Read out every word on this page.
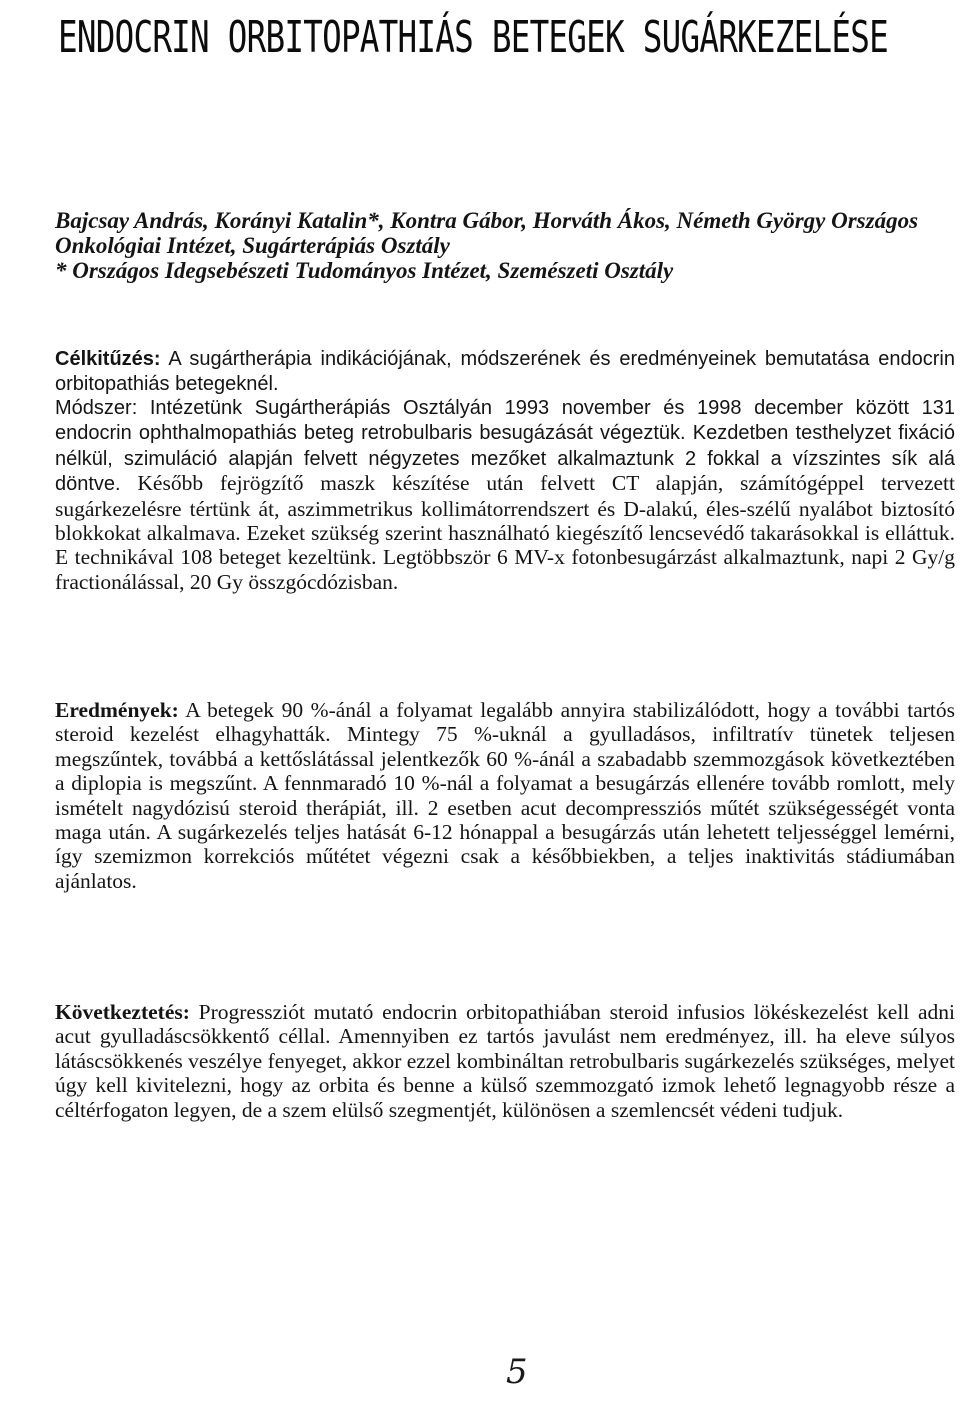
ENDOCRIN ORBITOPATHIÁS BETEGEK SUGÁRKEZELÉSE

Bajcsay András, Korányi Katalin*, Kontra Gábor, Horváth Ákos, Németh György Országos Onkológiai Intézet, Sugárterápiás Osztály

* Országos Idegsebészeti Tudományos Intézet, Szemészeti Osztály

Célkitűzés: A sugártherápia indikációjának, módszerének és eredményeinek bemutatása endocrin orbitopathiás betegeknél.

Módszer: Intézetünk Sugártherápiás Osztályán 1993 november és 1998 december között 131 endocrin ophthalmopathiás beteg retrobulbaris besugázását végeztük. Kezdetben testhelyzet fixáció nélkül, szimuláció alapján felvett négyzetes mezőket alkalmaztunk 2 fokkal a vízszintes sík alá döntve. Később fejrögzítő maszk készítése után felvett CT alapján, számítógéppel tervezett sugárkezelésre tértünk át, aszimmetrikus kollimátorrendszert és D-alakú, éles-szélű nyalábot biztosító blokkokat alkalmava. Ezeket szükség szerint használható kiegészítő lencsevédő takarásokkal is elláttuk. E technikával 108 beteget kezeltünk. Legtöbbször 6 MV-x fotonbesugárzást alkalmaztunk, napi 2 Gy/g fractionálással, 20 Gy összgócdózisban.

Eredmények: A betegek 90 %-ánál a folyamat legalább annyira stabilizálódott, hogy a további tartós steroid kezelést elhagyhatták. Mintegy 75 %-uknál a gyulladásos, infiltratív tünetek teljesen megszűntek, továbbá a kettőslátással jelentkezők 60 %-ánál a szabadabb szemmozgások következtében a diplopia is megszűnt. A fennmaradó 10 %-nál a folyamat a besugárzás ellenére tovább romlott, mely ismételt nagydózisú steroid therápiát, ill. 2 esetben acut decompressziós műtét szükségességét vonta maga után. A sugárkezelés teljes hatását 6-12 hónappal a besugárzás után lehetett teljességgel lemérni, így szemizmon korrekciós műtétet végezni csak a későbbiekben, a teljes inaktivitás stádiumában ajánlatos.

Következtetés: Progressziót mutató endocrin orbitopathiában steroid infusios lökéskezelést kell adni acut gyulladáscsökkentő céllal. Amennyiben ez tartós javulást nem eredményez, ill. ha eleve súlyos látáscsökkenés veszélye fenyeget, akkor ezzel kombináltan retrobulbaris sugárkezelés szükséges, melyet úgy kell kivitelezni, hogy az orbita és benne a külső szemmozgató izmok lehető legnagyobb része a céltérfogaton legyen, de a szem elülső szegmentjét, különösen a szemlencsét védeni tudjuk.

5
